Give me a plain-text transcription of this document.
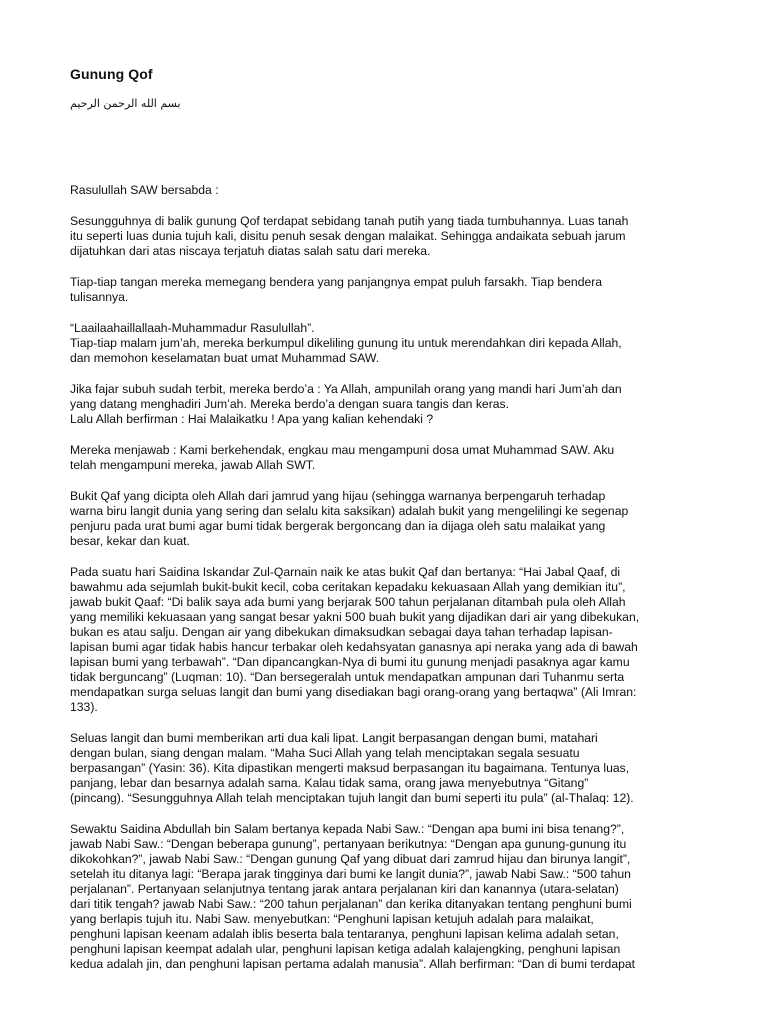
Gunung Qof

بسم الله الرحمن الرحيم

Rasulullah SAW bersabda :

Sesungguhnya di balik gunung Qof terdapat sebidang tanah putih yang tiada tumbuhannya. Luas tanah
itu seperti luas dunia tujuh kali, disitu penuh sesak dengan malaikat. Sehingga andaikata sebuah jarum
dijatuhkan dari atas niscaya terjatuh diatas salah satu dari mereka.

Tiap-tiap tangan mereka memegang bendera yang panjangnya empat puluh farsakh. Tiap bendera
tulisannya.

“Laailaahaillallaah-Muhammadur Rasulullah”.
Tiap-tiap malam jum’ah, mereka berkumpul dikeliling gunung itu untuk merendahkan diri kepada Allah,
dan memohon keselamatan buat umat Muhammad SAW.

Jika fajar subuh sudah terbit, mereka berdo’a : Ya Allah, ampunilah orang yang mandi hari Jum’ah dan
yang datang menghadiri Jum’ah. Mereka berdo’a dengan suara tangis dan keras.
Lalu Allah berfirman : Hai Malaikatku ! Apa yang kalian kehendaki ?

Mereka menjawab : Kami berkehendak, engkau mau mengampuni dosa umat Muhammad SAW. Aku
telah mengampuni mereka, jawab Allah SWT.

Bukit Qaf yang dicipta oleh Allah dari jamrud yang hijau (sehingga warnanya berpengaruh terhadap
warna biru langit dunia yang sering dan selalu kita saksikan) adalah bukit yang mengelilingi ke segenap
penjuru pada urat bumi agar bumi tidak bergerak bergoncang dan ia dijaga oleh satu malaikat yang
besar, kekar dan kuat.

Pada suatu hari Saidina Iskandar Zul-Qarnain naik ke atas bukit Qaf dan bertanya: “Hai Jabal Qaaf, di
bawahmu ada sejumlah bukit-bukit kecil, coba ceritakan kepadaku kekuasaan Allah yang demikian itu”,
jawab bukit Qaaf: “Di balik saya ada bumi yang berjarak 500 tahun perjalanan ditambah pula oleh Allah
yang memiliki kekuasaan yang sangat besar yakni 500 buah bukit yang dijadikan dari air yang dibekukan,
bukan es atau salju. Dengan air yang dibekukan dimaksudkan sebagai daya tahan terhadap lapisan-
lapisan bumi agar tidak habis hancur terbakar oleh kedahsyatan ganasnya api neraka yang ada di bawah
lapisan bumi yang terbawah”. “Dan dipancangkan-Nya di bumi itu gunung menjadi pasaknya agar kamu
tidak berguncang” (Luqman: 10). “Dan bersegeralah untuk mendapatkan ampunan dari Tuhanmu serta
mendapatkan surga seluas langit dan bumi yang disediakan bagi orang-orang yang bertaqwa” (Ali Imran:
133).

Seluas langit dan bumi memberikan arti dua kali lipat. Langit berpasangan dengan bumi, matahari
dengan bulan, siang dengan malam. “Maha Suci Allah yang telah menciptakan segala sesuatu
berpasangan” (Yasin: 36). Kita dipastikan mengerti maksud berpasangan itu bagaimana. Tentunya luas,
panjang, lebar dan besarnya adalah sama. Kalau tidak sama, orang jawa menyebutnya “Gitang”
(pincang). “Sesungguhnya Allah telah menciptakan tujuh langit dan bumi seperti itu pula” (al-Thalaq: 12).

Sewaktu Saidina Abdullah bin Salam bertanya kepada Nabi Saw.: “Dengan apa bumi ini bisa tenang?”,
jawab Nabi Saw.: “Dengan beberapa gunung”, pertanyaan berikutnya: “Dengan apa gunung-gunung itu
dikokohkan?”, jawab Nabi Saw.: “Dengan gunung Qaf yang dibuat dari zamrud hijau dan birunya langit”,
setelah itu ditanya lagi: “Berapa jarak tingginya dari bumi ke langit dunia?”, jawab Nabi Saw.: “500 tahun
perjalanan”. Pertanyaan selanjutnya tentang jarak antara perjalanan kiri dan kanannya (utara-selatan)
dari titik tengah? jawab Nabi Saw.: “200 tahun perjalanan” dan kerika ditanyakan tentang penghuni bumi
yang berlapis tujuh itu. Nabi Saw. menyebutkan: “Penghuni lapisan ketujuh adalah para malaikat,
penghuni lapisan keenam adalah iblis beserta bala tentaranya, penghuni lapisan kelima adalah setan,
penghuni lapisan keempat adalah ular, penghuni lapisan ketiga adalah kalajengking, penghuni lapisan
kedua adalah jin, dan penghuni lapisan pertama adalah manusia”. Allah berfirman: “Dan di bumi terdapat
